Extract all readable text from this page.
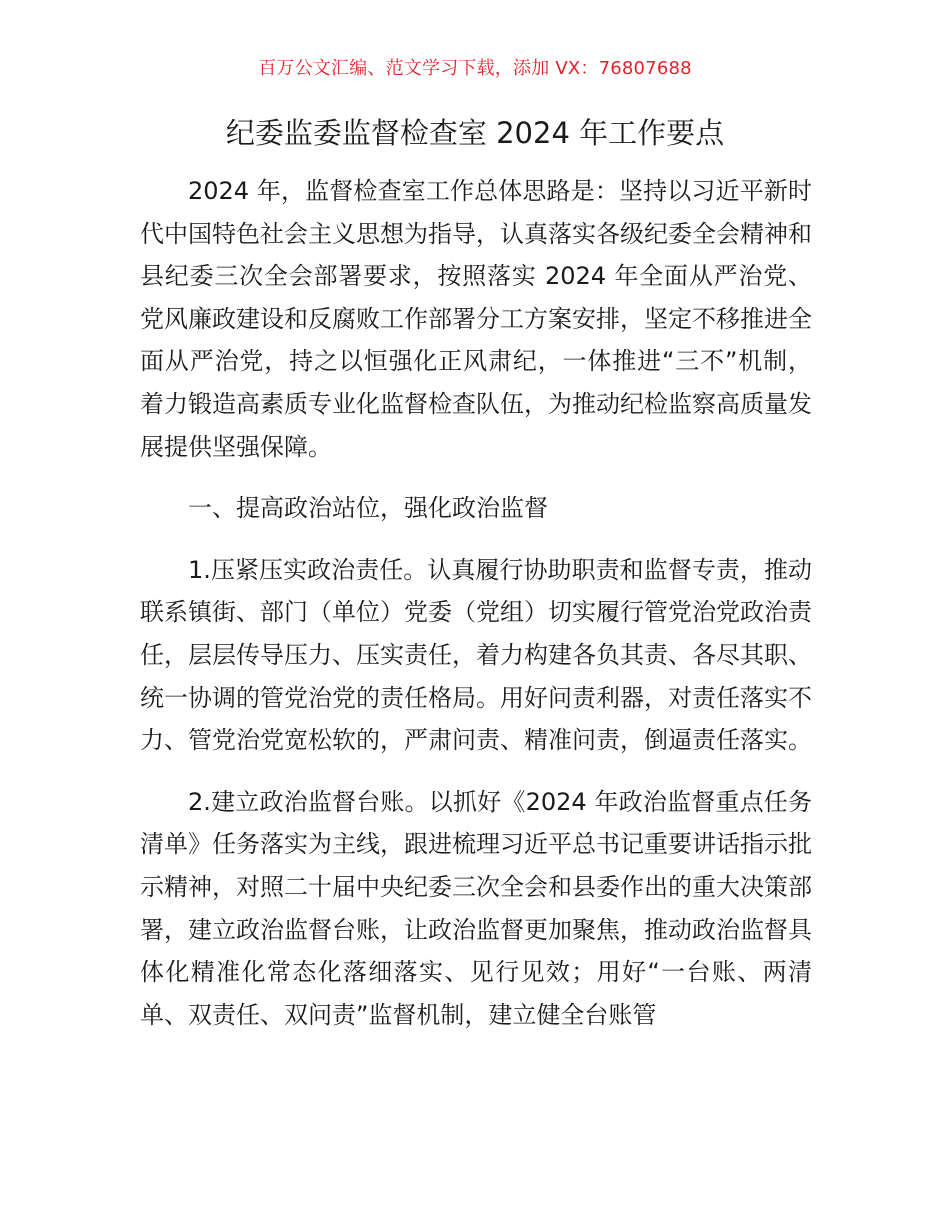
百万公文汇编、范文学习下载，添加 VX：76807688
纪委监委监督检查室 2024 年工作要点

2024 年，监督检查室工作总体思路是：坚持以习近平新时代中国特色社会主义思想为指导，认真落实各级纪委全会精神和县纪委三次全会部署要求，按照落实 2024 年全面从严治党、党风廉政建设和反腐败工作部署分工方案安排，坚定不移推进全面从严治党，持之以恒强化正风肃纪，一体推进“三不”机制，着力锻造高素质专业化监督检查队伍，为推动纪检监察高质量发展提供坚强保障。

一、提高政治站位，强化政治监督

1.压紧压实政治责任。认真履行协助职责和监督专责，推动联系镇街、部门（单位）党委（党组）切实履行管党治党政治责任，层层传导压力、压实责任，着力构建各负其责、各尽其职、统一协调的管党治党的责任格局。用好问责利器，对责任落实不力、管党治党宽松软的，严肃问责、精准问责，倒逼责任落实。

2.建立政治监督台账。以抓好《2024 年政治监督重点任务清单》任务落实为主线，跟进梳理习近平总书记重要讲话指示批示精神，对照二十届中央纪委三次全会和县委作出的重大决策部署，建立政治监督台账，让政治监督更加聚焦，推动政治监督具体化精准化常态化落细落实、见行见效；用好“一台账、两清单、双责任、双问责”监督机制，建立健全台账管
